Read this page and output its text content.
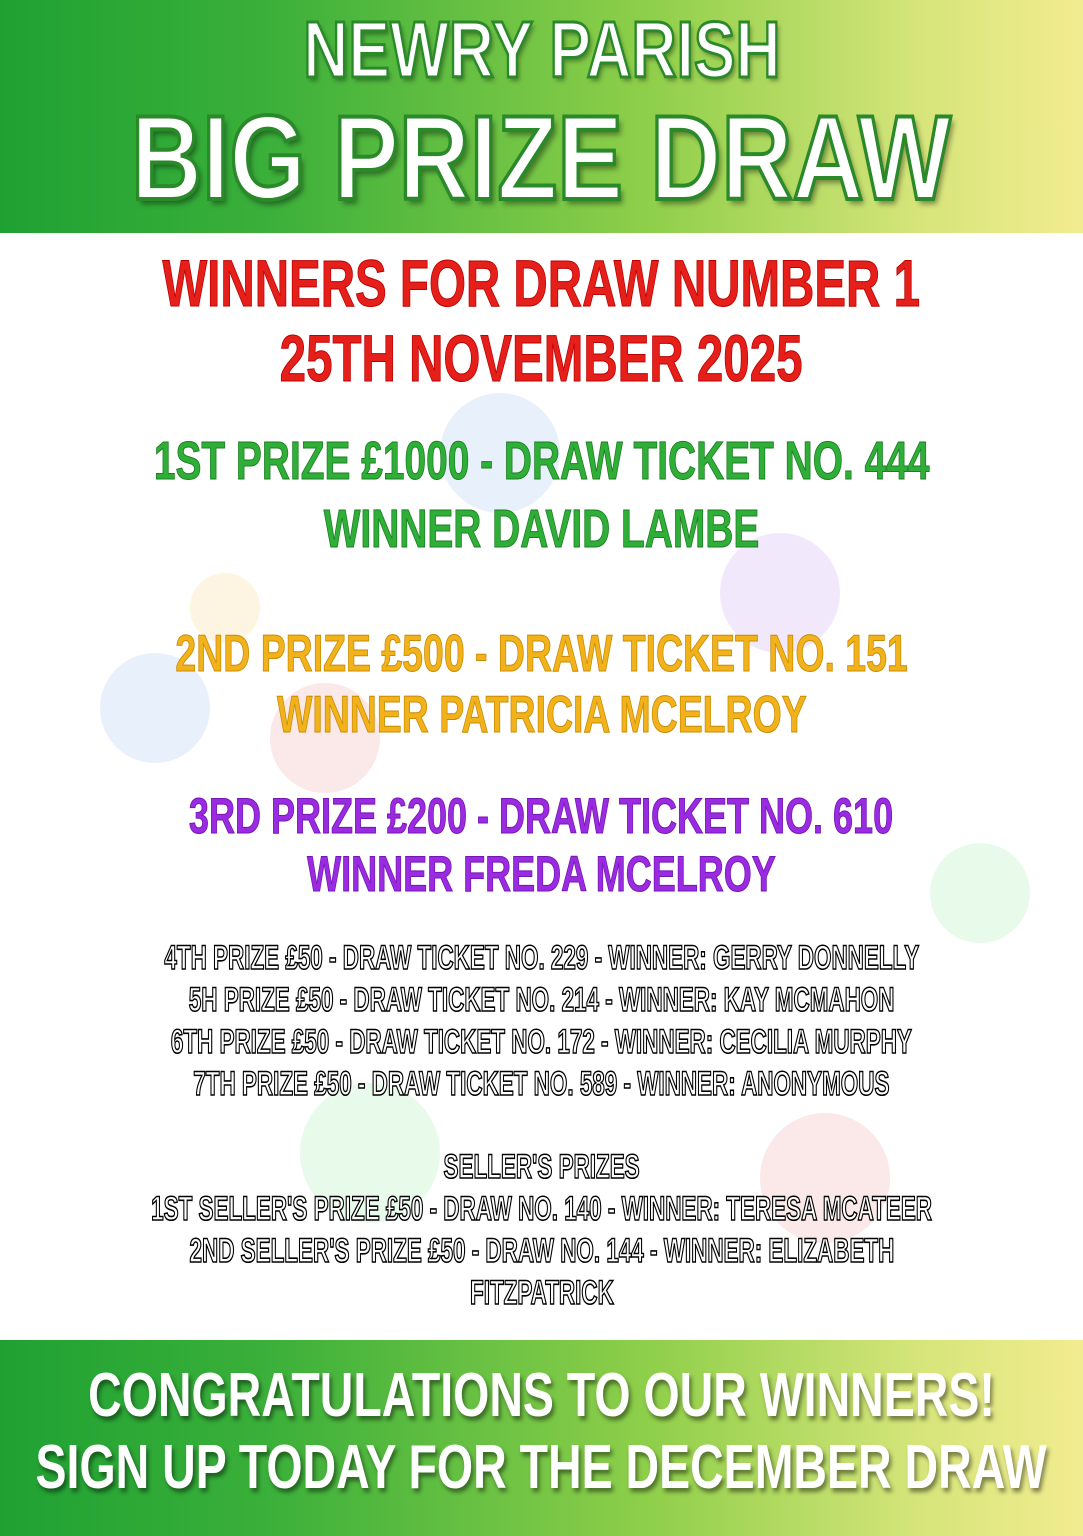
NEWRY PARISH
BIG PRIZE DRAW
WINNERS FOR DRAW NUMBER 1
25TH NOVEMBER 2025
1ST PRIZE £1000 - DRAW TICKET NO. 444
WINNER DAVID LAMBE
2ND PRIZE £500 - DRAW TICKET NO. 151
WINNER PATRICIA MCELROY
3RD PRIZE £200 - DRAW TICKET NO. 610
WINNER FREDA MCELROY
4TH PRIZE £50 - DRAW TICKET NO. 229 - WINNER: GERRY DONNELLY
5H PRIZE £50 - DRAW TICKET NO. 214 - WINNER: KAY MCMAHON
6TH PRIZE £50 - DRAW TICKET NO. 172 - WINNER: CECILIA MURPHY
7TH PRIZE £50 - DRAW TICKET NO. 589 - WINNER: ANONYMOUS
SELLER'S PRIZES
1ST SELLER'S PRIZE £50 - DRAW NO. 140 - WINNER: TERESA MCATEER
2ND SELLER'S PRIZE £50 - DRAW NO. 144 - WINNER: ELIZABETH
FITZPATRICK
CONGRATULATIONS TO OUR WINNERS!
SIGN UP TODAY FOR THE DECEMBER DRAW
